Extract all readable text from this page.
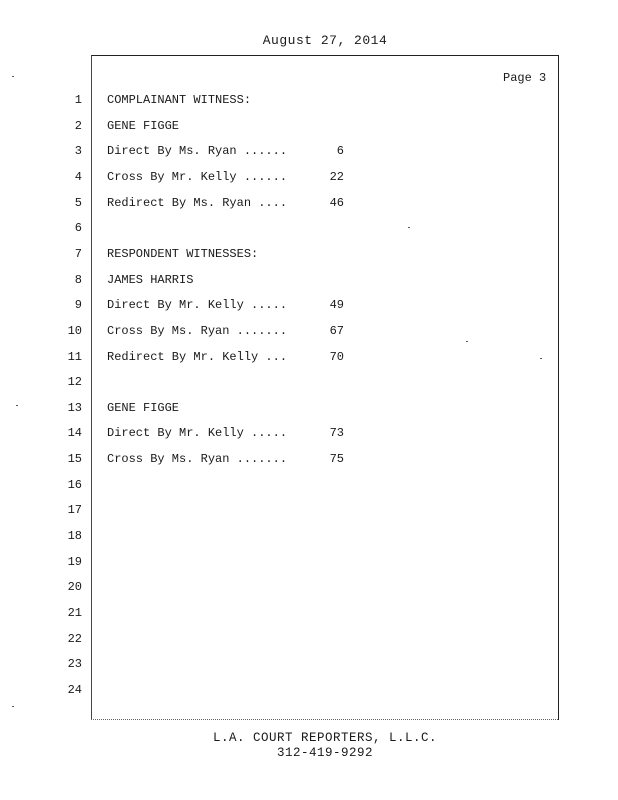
August 27, 2014
Page 3
1 COMPLAINANT WITNESS:
2 GENE FIGGE
3 Direct By Ms. Ryan ......	6
4 Cross By Mr. Kelly ......	22
5 Redirect By Ms. Ryan ....	46
6
7 RESPONDENT WITNESSES:
8 JAMES HARRIS
9 Direct By Mr. Kelly .....	49
10 Cross By Ms. Ryan .......	67
11 Redirect By Mr. Kelly ...	70
12
13 GENE FIGGE
14 Direct By Mr. Kelly .....	73
15 Cross By Ms. Ryan .......	75
16
17
18
19
20
21
22
23
24
L.A. COURT REPORTERS, L.L.C.
312-419-9292
